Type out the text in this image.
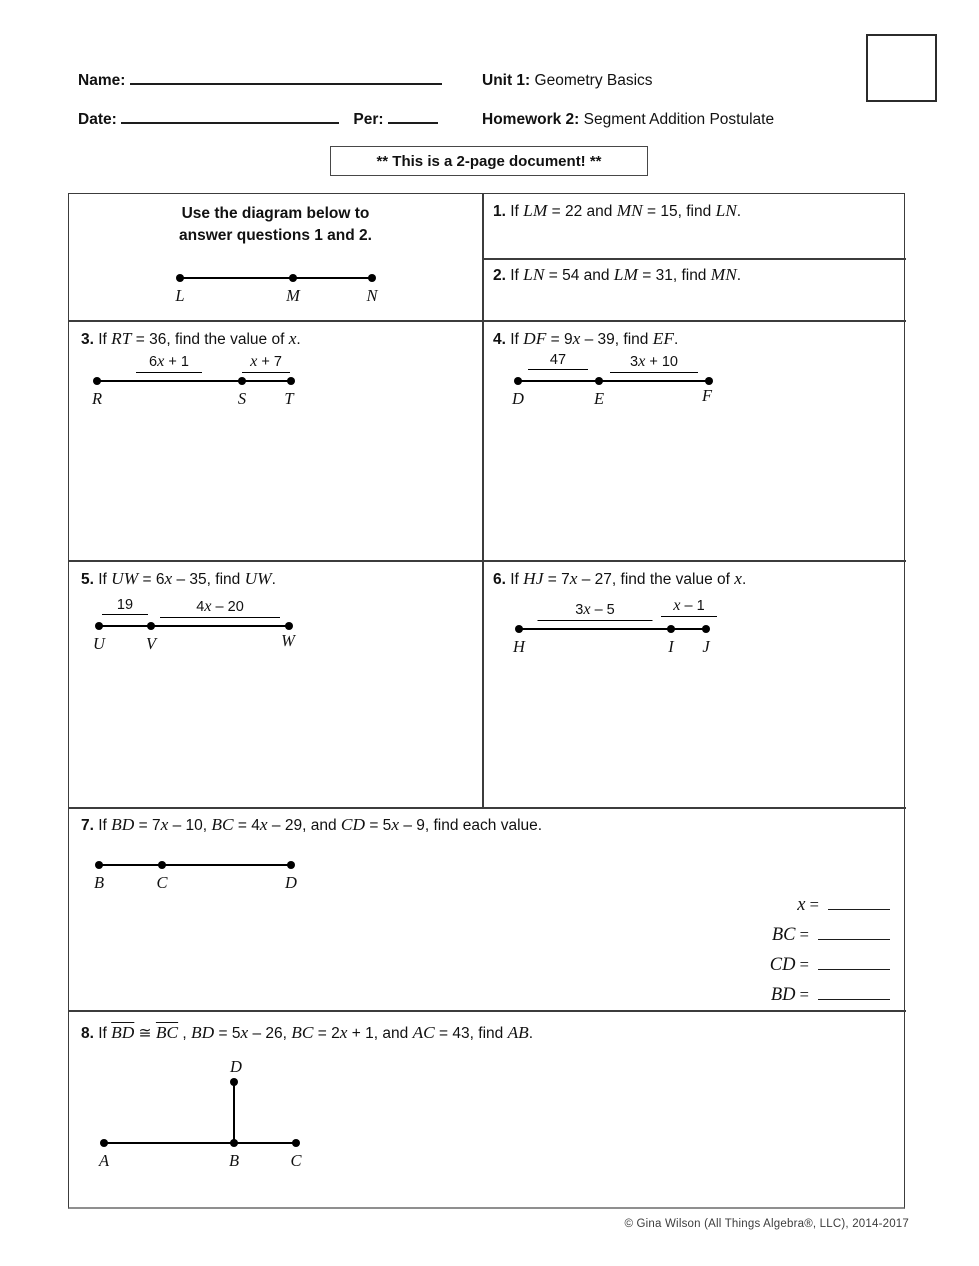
Name:	Unit 1: Geometry Basics
Date:	Per:	Homework 2: Segment Addition Postulate
** This is a 2-page document! **
Use the diagram below to
answer questions 1 and 2.
L	M	N
1. If LM = 22 and MN = 15, find LN.
2. If LN = 54 and LM = 31, find MN.
3. If RT = 36, find the value of x.
6x + 1	x + 7
R	S T
4. If DF = 9x – 39, find EF.
47	3x + 10
D	E	F
5. If UW = 6x – 35, find UW.
19	4x – 20
U V	W
6. If HJ = 7x – 27, find the value of x.
3x – 5	x – 1
H	I J
7. If BD = 7x – 10, BC = 4x – 29, and CD = 5x – 9, find each value.
B	C	D
x =
BC =
CD =
BD =
8. If $\overline{BD}$ ≅ $\overline{BC}$ , BD = 5x – 26, BC = 2x + 1, and AC = 43, find AB.
D
A	B	C
© Gina Wilson (All Things Algebra®, LLC), 2014-2017
